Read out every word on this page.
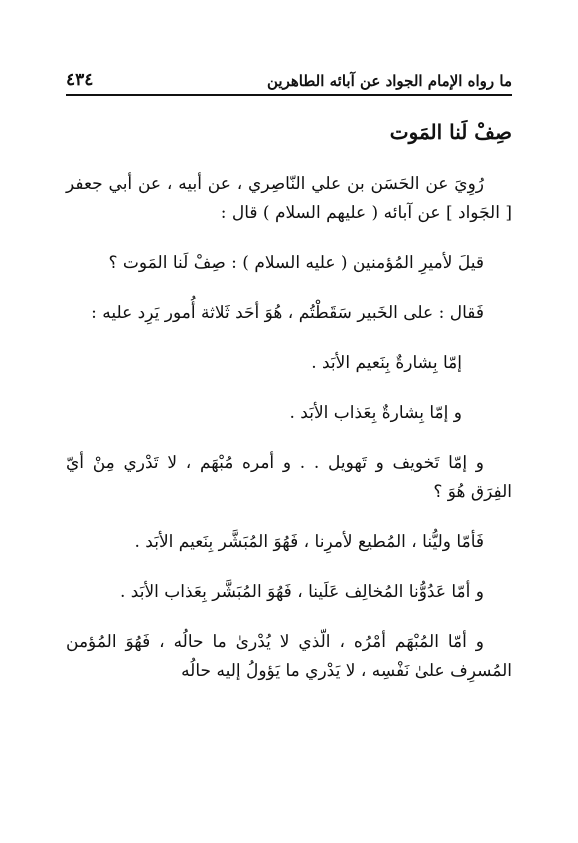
ما رواه الإمام الجواد عن آبائه الطاهرين
٤٣٤
صِفْ لَنا المَوت

رُوِيَ عن الحَسَن بن علي النّاصِري ، عن أبيه ، عن أبي جعفر [ الجَواد ] عن آبائه ( عليهم السلام ) قال :

قيلَ لأميرِ المُؤمنين ( عليه السلام ) : صِفْ لَنا المَوت ؟

فَقال : على الخَبير سَقَطْتُم ، هُوَ أحَد ثَلاثة أُمور يَرِد عليه :

إمّا بِشارةٌ بِنَعيم الأبَد .

و إمّا بِشارةٌ بِعَذاب الأبَد .

و إمّا تَخويف و تَهويل . . و أمره مُبْهَم ، لا تَدْري مِنْ أيّ الفِرَق هُوَ ؟

فَأمّا وليُّنا ، المُطيع لأمرِنا ، فَهُوَ المُبَشَّر بِنَعيم الأبَد .

و أمّا عَدُوُّنا المُخالِف عَلَينا ، فَهُوَ المُبَشَّر بِعَذاب الأبَد .

و أمّا المُبْهَم أمْرُه ، الّذي لا يُدْرىٰ ما حالُه ، فَهُوَ المُؤمن المُسرِف علىٰ نَفْسِه ، لا يَدْري ما يَؤولُ إليه حالُه
